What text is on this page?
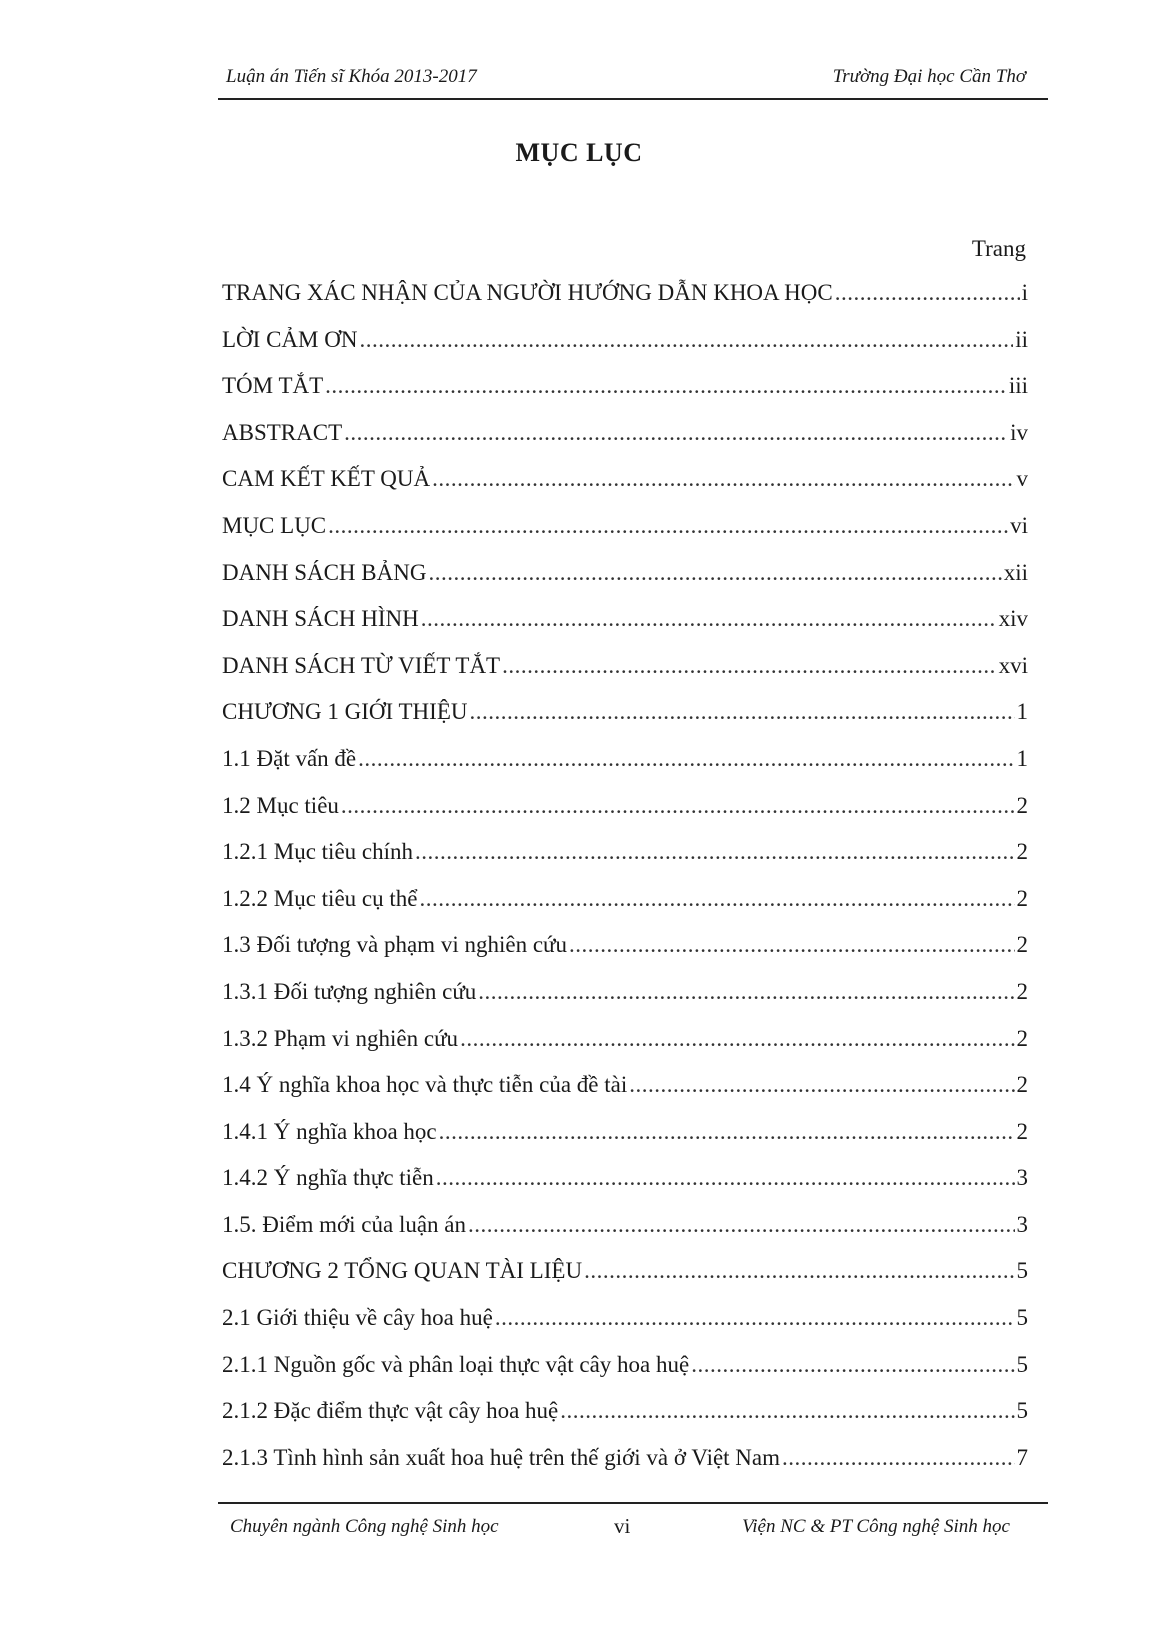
Luận án Tiến sĩ Khóa 2013-2017	Trường Đại học Cần Thơ
MỤC LỤC
Trang
TRANG XÁC NHẬN CỦA NGƯỜI HƯỚNG DẪN KHOA HỌC .....	i
LỜI CẢM ƠN .....	ii
TÓM TẮT .....	iii
ABSTRACT .....	iv
CAM KẾT KẾT QUẢ .....	v
MỤC LỤC .....	vi
DANH SÁCH BẢNG .....	xii
DANH SÁCH HÌNH .....	xiv
DANH SÁCH TỪ VIẾT TẮT .....	xvi
CHƯƠNG 1 GIỚI THIỆU .....	1
1.1 Đặt vấn đề .....	1
1.2 Mục tiêu .....	2
1.2.1 Mục tiêu chính .....	2
1.2.2 Mục tiêu cụ thể .....	2
1.3 Đối tượng và phạm vi nghiên cứu .....	2
1.3.1 Đối tượng nghiên cứu .....	2
1.3.2 Phạm vi nghiên cứu .....	2
1.4 Ý nghĩa khoa học và thực tiễn của đề tài .....	2
1.4.1 Ý nghĩa khoa học .....	2
1.4.2 Ý nghĩa thực tiễn .....	3
1.5. Điểm mới của luận án .....	3
CHƯƠNG 2 TỔNG QUAN TÀI LIỆU .....	5
2.1 Giới thiệu về cây hoa huệ .....	5
2.1.1 Nguồn gốc và phân loại thực vật cây hoa huệ .....	5
2.1.2 Đặc điểm thực vật cây hoa huệ .....	5
2.1.3 Tình hình sản xuất hoa huệ trên thế giới và ở Việt Nam .....	7
Chuyên ngành Công nghệ Sinh học	vi	Viện NC & PT Công nghệ Sinh học
